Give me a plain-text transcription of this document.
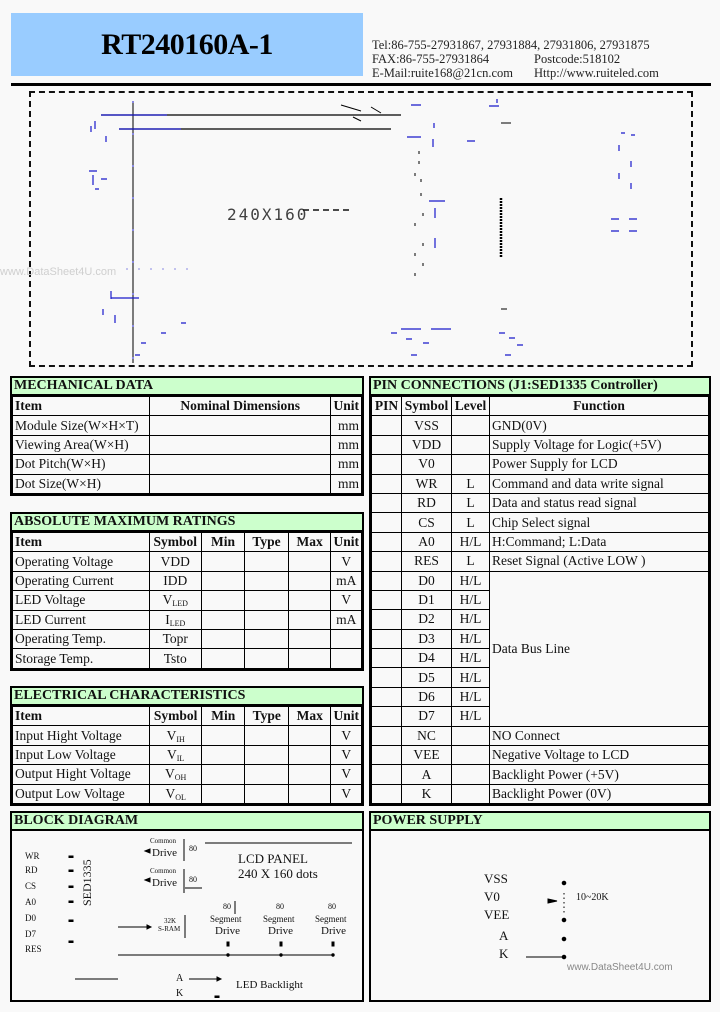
RT240160A-1	Tel:86-755-27931867, 27931884, 27931806, 27931875
FAX:86-755-27931864	Postcode:518102
E-Mail:ruite168@21cn.com	Http://www.ruiteled.com
240X160
www.DataSheet4U.com
MECHANICAL DATA
Item	Nominal Dimensions	Unit
Module Size(W×H×T)		mm
Viewing Area(W×H)		mm
Dot Pitch(W×H)		mm
Dot Size(W×H)		mm
ABSOLUTE MAXIMUM RATINGS
Item	Symbol	Min	Type	Max	Unit
Operating Voltage	VDD				V
Operating Current	IDD				mA
LED Voltage	$V_{LED}$				V
LED Current	$I_{LED}$				mA
Operating Temp.	Topr				
Storage Temp.	Tsto				
ELECTRICAL CHARACTERISTICS
Item	Symbol	Min	Type	Max	Unit
Input Hight Voltage	$V_{IH}$				V
Input Low Voltage	$V_{IL}$				V
Output Hight Voltage	$V_{OH}$				V
Output Low Voltage	$V_{OL}$				V
PIN CONNECTIONS (J1:SED1335 Controller)
PIN	Symbol	Level	Function
	VSS		GND(0V)
	VDD		Supply Voltage for Logic(+5V)
	V0		Power Supply for LCD
	WR	L	Command and data write signal
	RD	L	Data and status read signal
	CS	L	Chip Select signal
	A0	H/L	H:Command; L:Data
	RES	L	Reset Signal (Active LOW )
	D0	H/L	Data Bus Line
	D1	H/L	
	D2	H/L	
	D3	H/L	
	D4	H/L	
	D5	H/L	
	D6	H/L	
	D7	H/L	
	NC		NO Connect
	VEE		Negative Voltage to LCD
	A		Backlight Power (+5V)
	K		Backlight Power (0V)
BLOCK DIAGRAM
WR
RD
CS
A0
D0
D7
RES
SED1335
Common
Drive
Common
Drive
80
80
LCD PANEL
240 X 160 dots
32K
S-RAM
80	80	80
Segment Segment Segment
Drive	Drive	Drive
A
K
LED Backlight
POWER SUPPLY
VSS
V0
VEE
A
K
10~20K
www.DataSheet4U.com
